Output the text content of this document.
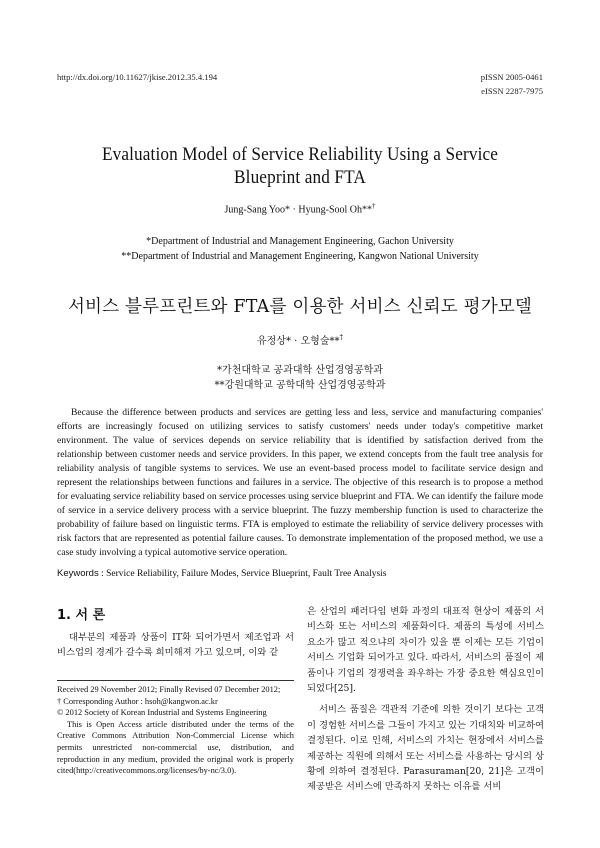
http://dx.doi.org/10.11627/jkise.2012.35.4.194	pISSN 2005-0461
eISSN 2287-7975
Evaluation Model of Service Reliability Using a Service
Blueprint and FTA
Jung-Sang Yoo* · Hyung-Sool Oh**†
*Department of Industrial and Management Engineering, Gachon University
**Department of Industrial and Management Engineering, Kangwon National University
서비스 블루프린트와 FTA를 이용한 서비스 신뢰도 평가모델
유정상* · 오형술**†
*가천대학교 공과대학 산업경영공학과
**강원대학교 공학대학 산업경영공학과
Because the difference between products and services are getting less and less, service and manufacturing companies' efforts are increasingly focused on utilizing services to satisfy customers' needs under today's competitive market environment. The value of services depends on service reliability that is identified by satisfaction derived from the relationship between customer needs and service providers. In this paper, we extend concepts from the fault tree analysis for reliability analysis of tangible systems to services. We use an event-based process model to facilitate service design and represent the relationships between functions and failures in a service. The objective of this research is to propose a method for evaluating service reliability based on service processes using service blueprint and FTA. We can identify the failure mode of service in a service delivery process with a service blueprint. The fuzzy membership function is used to characterize the probability of failure based on linguistic terms. FTA is employed to estimate the reliability of service delivery processes with risk factors that are represented as potential failure causes. To demonstrate implementation of the proposed method, we use a case study involving a typical automotive service operation.
Keywords : Service Reliability, Failure Modes, Service Blueprint, Fault Tree Analysis
1. 서 론
대부분의 제품과 상품이 IT화 되어가면서 제조업과 서비스업의 경계가 갈수록 희미해져 가고 있으며, 이와 같
Received 29 November 2012; Finally Revised 07 December 2012;
† Corresponding Author : hsoh@kangwon.ac.kr
© 2012 Society of Korean Industrial and Systems Engineering
This is Open Access article distributed under the terms of the Creative Commons Attribution Non-Commercial License which permits unrestricted non-commercial use, distribution, and reproduction in any medium, provided the original work is properly cited(http://creativecommons.org/licenses/by-nc/3.0).

은 산업의 패러다임 변화 과정의 대표적 현상이 제품의 서비스화 또는 서비스의 제품화이다. 제품의 특성에 서비스 요소가 많고 적으냐의 차이가 있을 뿐 이제는 모든 기업이 서비스 기업화 되어가고 있다. 따라서, 서비스의 품질이 제품이나 기업의 경쟁력을 좌우하는 가장 중요한 핵심요인이 되었다[25].

서비스 품질은 객관적 기준에 의한 것이기 보다는 고객이 경험한 서비스를 그들이 가지고 있는 기대치와 비교하여 결정된다. 이로 인해, 서비스의 가치는 현장에서 서비스를 제공하는 직원에 의해서 또는 서비스를 사용하는 당시의 상황에 의하여 결정된다. Parasuraman[20, 21]은 고객이 제공받은 서비스에 만족하지 못하는 이유를 서비
